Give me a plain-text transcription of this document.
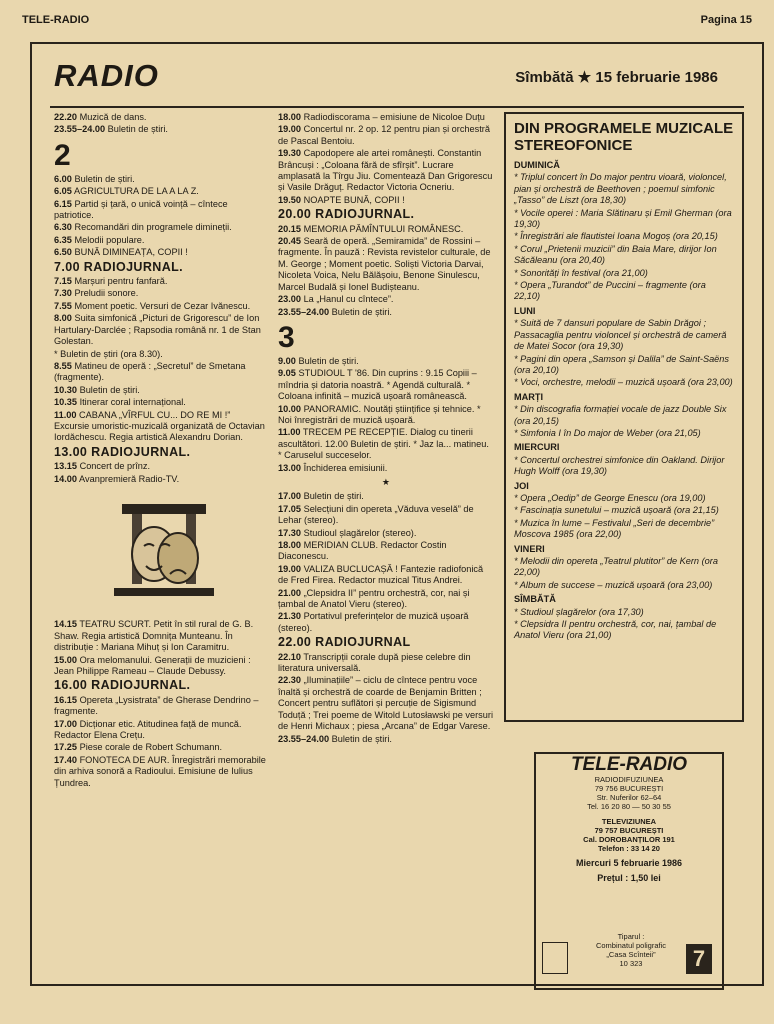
TELE-RADIO	Pagina 15
RADIO	Sîmbătă ★ 15 februarie 1986
22.20 Muzică de dans.
23.55–24.00 Buletin de știri.
2
6.00 Buletin de știri.
6.05 AGRICULTURA DE LA A LA Z.
6.15 Partid și țară, o unică voință – cîntece patriotice.
6.30 Recomandări din programele dimineții.
6.35 Melodii populare.
6.50 BUNĂ DIMINEAȚA, COPII !
7.00 RADIOJURNAL.
7.15 Marșuri pentru fanfară.
7.30 Preludii sonore.
7.55 Moment poetic. Versuri de Cezar Ivănescu.
8.00 Suita simfonică „Picturi de Grigorescu” de Ion Hartulary-Darclée ; Rapsodia română nr. 1 de Stan Golestan.
* Buletin de știri (ora 8.30).
8.55 Matineu de operă : „Secretul” de Smetana (fragmente).
10.30 Buletin de știri.
10.35 Itinerar coral internațional.
11.00 CABANA „VÎRFUL CU... DO RE MI !” Excursie umoristic-muzicală organizată de Octavian Iordăchescu. Regia artistică Alexandru Dorian.
13.00 RADIOJURNAL.
13.15 Concert de prînz.
14.00 Avanpremieră Radio-TV.
14.15 TEATRU SCURT. Petit în stil rural de G. B. Shaw. Regia artistică Domnița Munteanu. În distribuție : Mariana Mihuț și Ion Caramitru.
15.00 Ora melomanului. Generații de muzicieni : Jean Philippe Rameau – Claude Debussy.
16.00 RADIOJURNAL.
16.15 Opereta „Lysistrata” de Gherase Dendrino – fragmente.
17.00 Dicționar etic. Atitudinea față de muncă. Redactor Elena Crețu.
17.25 Piese corale de Robert Schumann.
17.40 FONOTECA DE AUR. Înregistrări memorabile din arhiva sonoră a Radioului. Emisiune de Iulius Țundrea.
18.00 Radiodiscorama – emisiune de Nicoloe Duțu
19.00 Concertul nr. 2 op. 12 pentru pian și orchestră de Pascal Bentoiu.
19.30 Capodopere ale artei românești. Constantin Brâncuși : „Coloana fără de sfîrșit”. Lucrare amplasată la Tîrgu Jiu. Comentează Dan Grigorescu și Vasile Drăguț. Redactor Victoria Ocneriu.
19.50 NOAPTE BUNĂ, COPII !
20.00 RADIOJURNAL.
20.15 MEMORIA PĂMÎNTULUI ROMÂNESC.
20.45 Seară de operă. „Semiramida” de Rossini – fragmente. În pauză : Revista revistelor culturale, de M. George ; Moment poetic. Soliști Victoria Darvai, Nicoleta Voica, Nelu Bălășoiu, Benone Sinulescu, Marcel Budală și Ionel Budișteanu.
23.00 La „Hanul cu cîntece”.
23.55–24.00 Buletin de știri.
3
9.00 Buletin de știri.
9.05 STUDIOUL T '86. Din cuprins : 9.15 Copiii – mîndria și datoria noastră. * Agendă culturală. * Coloana infinită – muzică ușoară românească.
10.00 PANORAMIC. Noutăți științifice și tehnice. * Noi înregistrări de muzică ușoară.
11.00 TRECEM PE RECEPȚIE. Dialog cu tinerii ascultători. 12.00 Buletin de știri. * Jaz la... matineu. * Caruselul succeselor.
13.00 Închiderea emisiunii.
★
17.00 Buletin de știri.
17.05 Selecțiuni din opereta „Văduva veselă” de Lehar (stereo).
17.30 Studioul șlagărelor (stereo).
18.00 MERIDIAN CLUB. Redactor Costin Diaconescu.
19.00 VALIZA BUCLUCAȘĂ ! Fantezie radiofonică de Fred Firea. Redactor muzical Titus Andrei.
21.00 „Clepsidra II” pentru orchestră, cor, nai și țambal de Anatol Vieru (stereo).
21.30 Portativul preferințelor de muzică ușoară (stereo).
22.00 RADIOJURNAL
22.10 Transcripții corale după piese celebre din literatura universală.
22.30 „Iluminațiile” – ciclu de cîntece pentru voce înaltă și orchestră de coarde de Benjamin Britten ; Concert pentru suflători și percuție de Sigismund Toduță ; Trei poeme de Witold Lutosławski pe versuri de Henri Michaux ; piesa „Arcana” de Edgar Varese.
23.55–24.00 Buletin de știri.
DIN PROGRAMELE MUZICALE STEREOFONICE
DUMINICĂ
* Triplul concert în Do major pentru vioară, violoncel, pian și orchestră de Beethoven ; poemul simfonic „Tasso” de Liszt (ora 18,30)
* Vocile operei : Maria Slătinaru și Emil Gherman (ora 19,30)
* Înregistrări ale flautistei Ioana Mogoș (ora 20,15)
* Corul „Prietenii muzicii” din Baia Mare, dirijor Ion Săcăleanu (ora 20,40)
* Sonorități în festival (ora 21,00)
* Opera „Turandot” de Puccini – fragmente (ora 22,10)
LUNI
* Suită de 7 dansuri populare de Sabin Drăgoi ; Passacaglia pentru violoncel și orchestră de cameră de Matei Socor (ora 19,30)
* Pagini din opera „Samson și Dalila” de Saint-Saëns (ora 20,10)
* Voci, orchestre, melodii – muzică ușoară (ora 23,00)
MARȚI
* Din discografia formației vocale de jazz Double Six (ora 20,15)
* Simfonia I în Do major de Weber (ora 21,05)
MIERCURI
* Concertul orchestrei simfonice din Oakland. Dirijor Hugh Wolff (ora 19,30)
JOI
* Opera „Oedip” de George Enescu (ora 19,00)
* Fascinația sunetului – muzică ușoară (ora 21,15)
* Muzica în lume – Festivalul „Seri de decembrie” Moscova 1985 (ora 22,00)
VINERI
* Melodii din opereta „Teatrul plutitor” de Kern (ora 22,00)
* Album de succese – muzică ușoară (ora 23,00)
SÎMBĂTĂ
* Studioul șlagărelor (ora 17,30)
* Clepsidra II pentru orchestră, cor, nai, țambal de Anatol Vieru (ora 21,00)
TELE-RADIO
RADIODIFUZIUNEA
79 756 BUCUREȘTI
Str. Nuferilor 62–64
Tel. 16 20 80 — 50 30 55
TELEVIZIUNEA
79 757 BUCUREȘTI
Cal. DOROBANȚILOR 191
Telefon : 33 14 20
Miercuri 5 februarie 1986
Prețul : 1,50 lei
Tiparul :
Combinatul poligrafic
„Casa Scînteii”
10 323	7
